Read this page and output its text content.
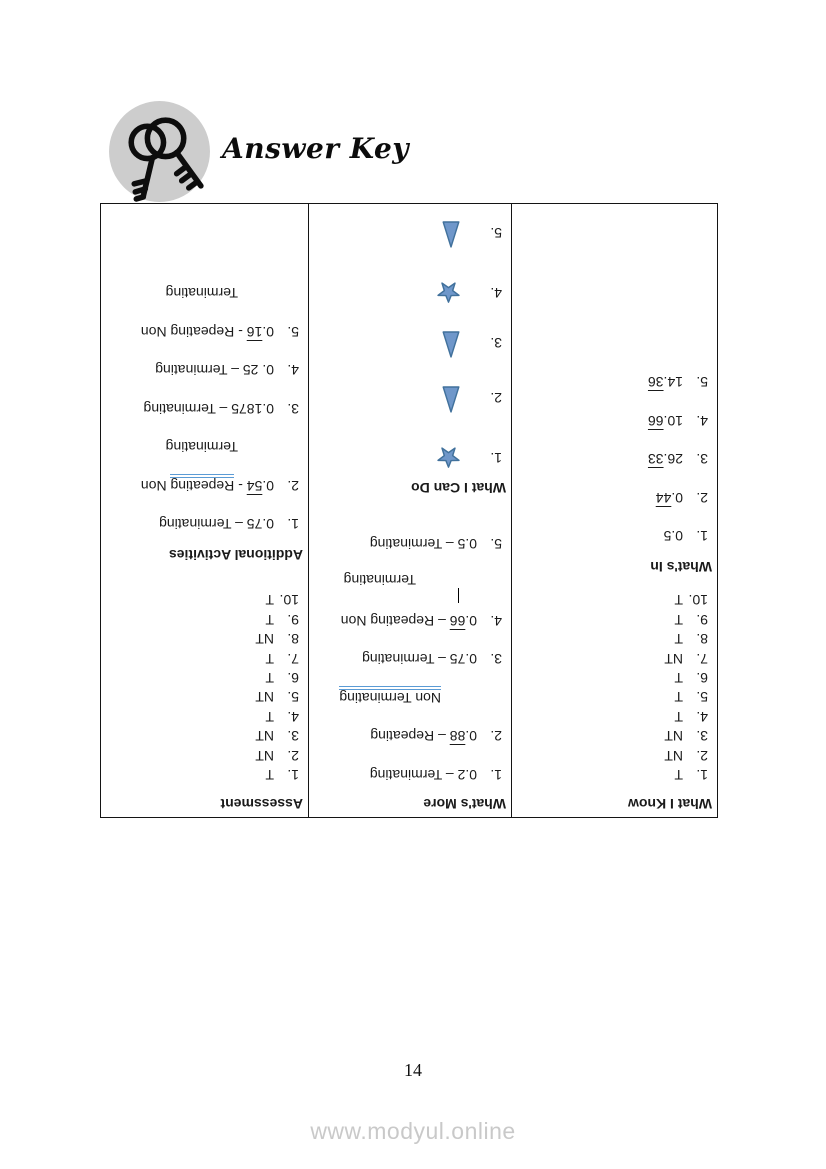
Answer Key
What I Know
1.T
2.NT
3.NT
4.T
5.T
6.T
7.NT
8.T
9.T
10.T
What's In
1.0.5
2.0.44
3.26.33
4.10.66
5.14.36
What's More
1.0.2 – Terminating
2.0.88 – Repeating
Non Terminating
3.0.75 – Terminating
4.0.66 – Repeating Non
Terminating
5.0.5 – Terminating
What I Can Do
1.
2.
3.
4.
5.
Assessment
1.T
2.NT
3.NT
4.T
5.NT
6.T
7.T
8.NT
9.T
10.T
Additional Activities
1.0.75 – Terminating
2.0.54 - Repeating Non
Terminating
3.0.1875 – Terminating
4.0. 25 – Terminating
5.0.16 - Repeating Non
Terminating
14
www.modyul.online
